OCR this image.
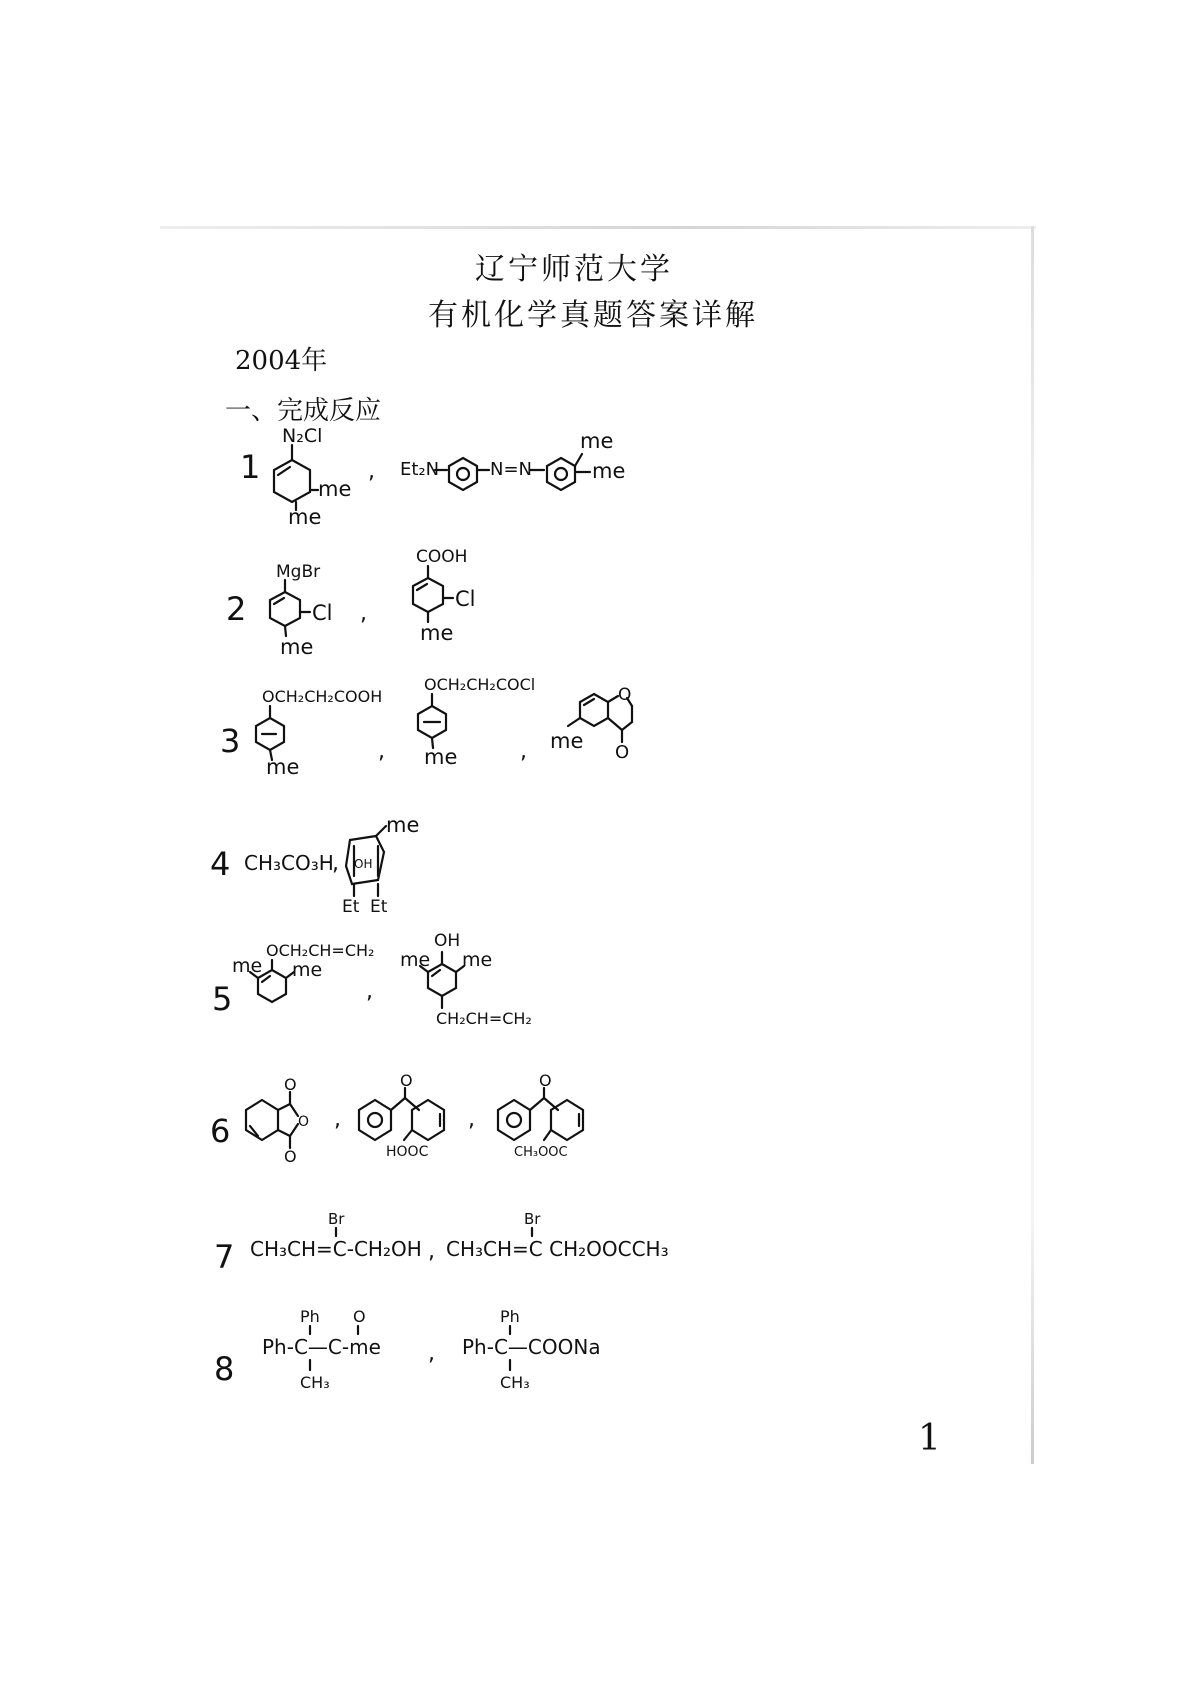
辽宁师范大学
有机化学真题答案详解
2004年
一、完成反应
1
2
3
4
5
6
7
8
N₂Cl
me
me
, Et₂N	N=N
me
me
MgBr
Cl
me
,
COOH
Cl
me
OCH₂CH₂COOH
me
,
OCH₂CH₂COCl
me	,
O
O
me
CH₃CO₃H
,
me
OH
Et Et
OCH₂CH=CH₂
me me
,
OH
me me
CH₂CH=CH₂
O
O
O
,
O
HOOC
,
O
CH₃OOC
CH₃CH=C-CH₂OH
Br
, CH₃CH=C CH₂OOCCH₃
Br
Ph-C—C-me
Ph
CH₃
O
, Ph-C—COONa
Ph
CH₃
1
